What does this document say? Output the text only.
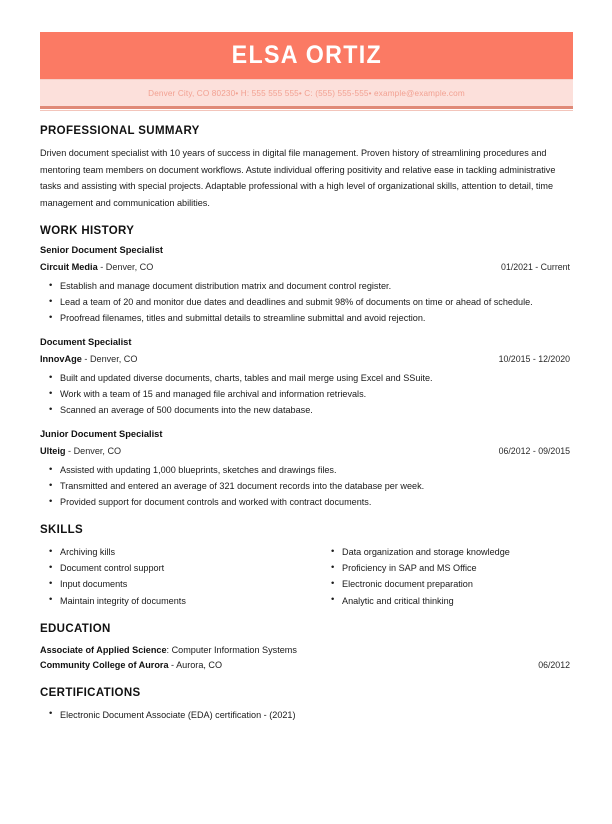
ELSA ORTIZ
Denver City, CO 80230• H: 555 555 555• C: (555) 555-555• example@example.com
PROFESSIONAL SUMMARY
Driven document specialist with 10 years of success in digital file management. Proven history of streamlining procedures and mentoring team members on document workflows. Astute individual offering positivity and relative ease in tackling administrative tasks and assisting with special projects. Adaptable professional with a high level of organizational skills, attention to detail, time management and communication abilities.
WORK HISTORY
Senior Document Specialist
Circuit Media - Denver, CO	01/2021 - Current
• Establish and manage document distribution matrix and document control register.
• Lead a team of 20 and monitor due dates and deadlines and submit 98% of documents on time or ahead of schedule.
• Proofread filenames, titles and submittal details to streamline submittal and avoid rejection.
Document Specialist
InnovAge - Denver, CO	10/2015 - 12/2020
• Built and updated diverse documents, charts, tables and mail merge using Excel and SSuite.
• Work with a team of 15 and managed file archival and information retrievals.
• Scanned an average of 500 documents into the new database.
Junior Document Specialist
Ulteig - Denver, CO	06/2012 - 09/2015
• Assisted with updating 1,000 blueprints, sketches and drawings files.
• Transmitted and entered an average of 321 document records into the database per week.
• Provided support for document controls and worked with contract documents.
SKILLS
• Archiving kills
• Document control support
• Input documents
• Maintain integrity of documents
• Data organization and storage knowledge
• Proficiency in SAP and MS Office
• Electronic document preparation
• Analytic and critical thinking
EDUCATION
Associate of Applied Science: Computer Information Systems
Community College of Aurora - Aurora, CO	06/2012
CERTIFICATIONS
• Electronic Document Associate (EDA) certification - (2021)
